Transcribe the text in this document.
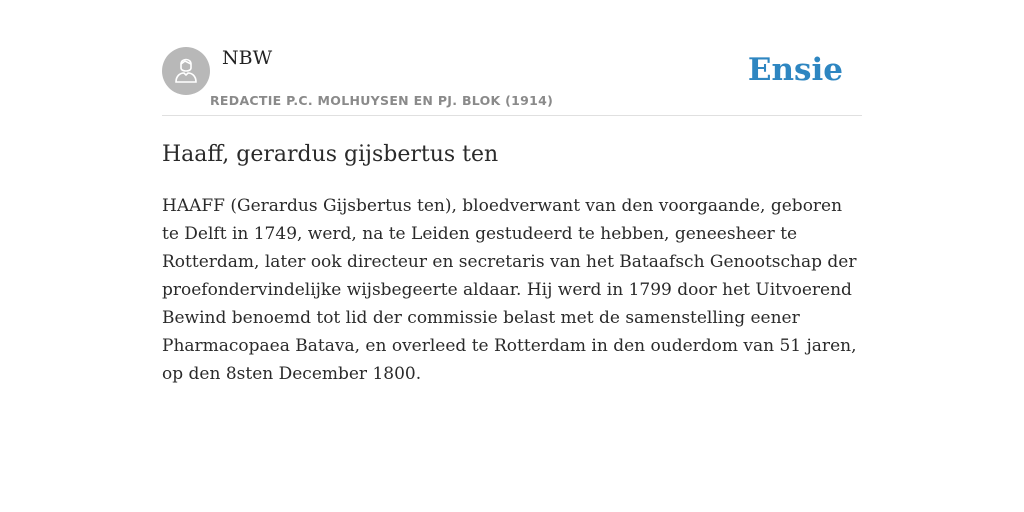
NBW
REDACTIE P.C. MOLHUYSEN EN PJ. BLOK (1914)
Ensie
Haaff, gerardus gijsbertus ten

HAAFF (Gerardus Gijsbertus ten), bloedverwant van den voorgaande, geboren te Delft in 1749, werd, na te Leiden gestudeerd te hebben, geneesheer te Rotterdam, later ook directeur en secretaris van het Bataafsch Genootschap der proefondervindelijke wijsbegeerte aldaar. Hij werd in 1799 door het Uitvoerend Bewind benoemd tot lid der commissie belast met de samenstelling eener Pharmacopaea Batava, en overleed te Rotterdam in den ouderdom van 51 jaren, op den 8sten December 1800.
